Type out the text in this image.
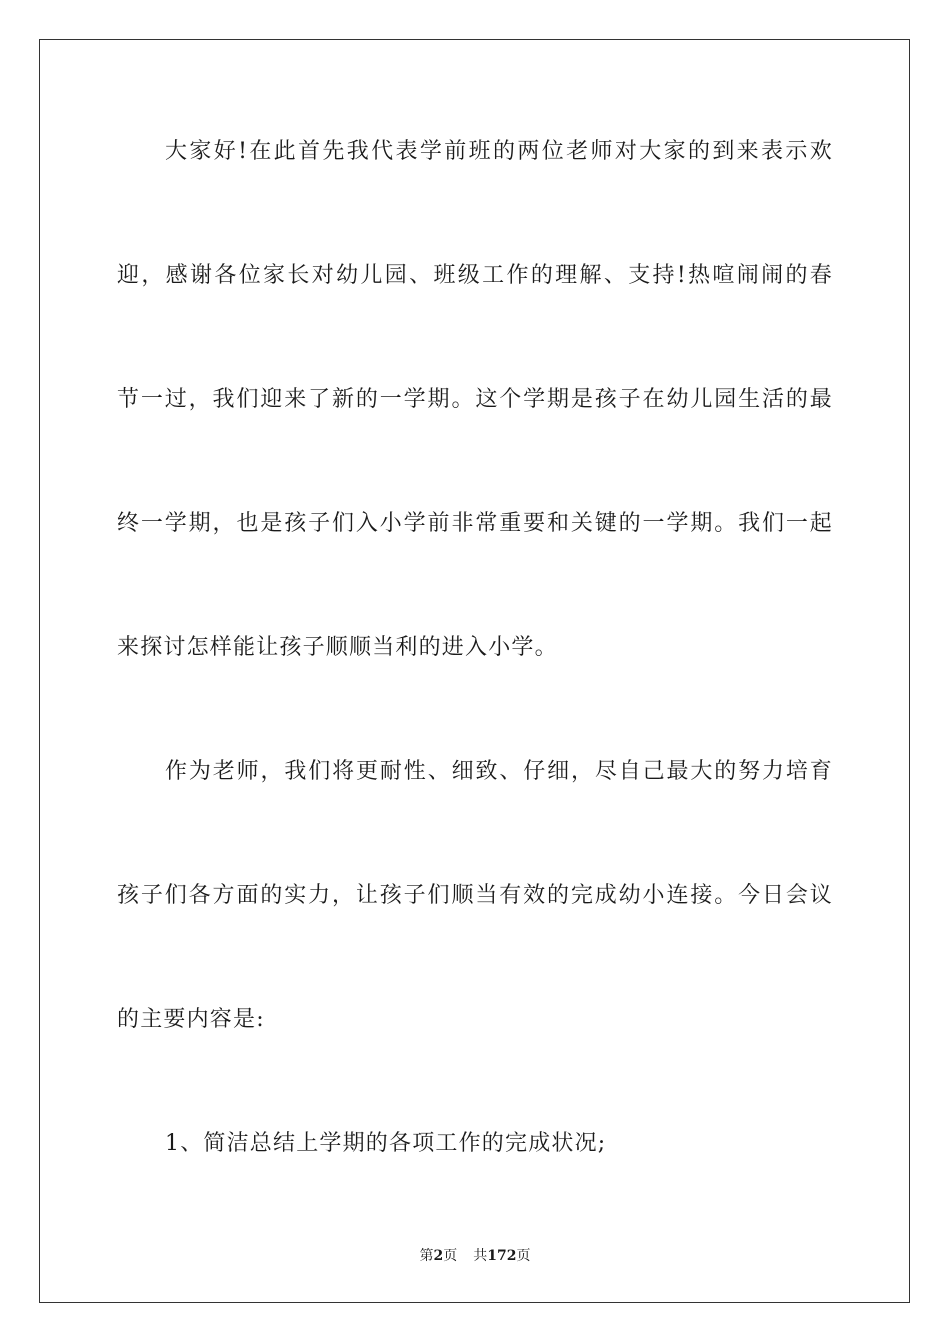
大家好!在此首先我代表学前班的两位老师对大家的到来表示欢
迎，感谢各位家长对幼儿园、班级工作的理解、支持!热喧闹闹的春
节一过，我们迎来了新的一学期。这个学期是孩子在幼儿园生活的最
终一学期，也是孩子们入小学前非常重要和关键的一学期。我们一起
来探讨怎样能让孩子顺顺当利的进入小学。
作为老师，我们将更耐性、细致、仔细，尽自己最大的努力培育
孩子们各方面的实力，让孩子们顺当有效的完成幼小连接。今日会议
的主要内容是:
1、简洁总结上学期的各项工作的完成状况;
第2页 共172页
